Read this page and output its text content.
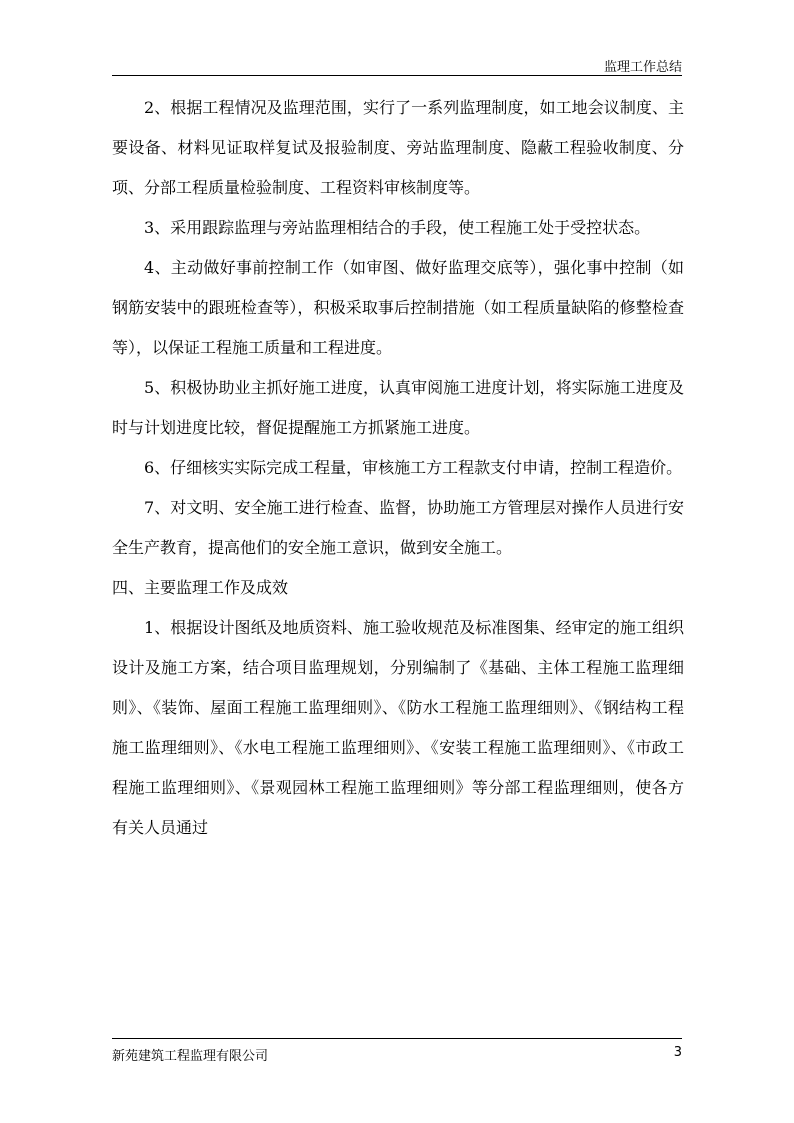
监理工作总结

2、根据工程情况及监理范围，实行了一系列监理制度，如工地会议制度、主要设备、材料见证取样复试及报验制度、旁站监理制度、隐蔽工程验收制度、分项、分部工程质量检验制度、工程资料审核制度等。

3、采用跟踪监理与旁站监理相结合的手段，使工程施工处于受控状态。

4、主动做好事前控制工作（如审图、做好监理交底等），强化事中控制（如钢筋安装中的跟班检查等），积极采取事后控制措施（如工程质量缺陷的修整检查等），以保证工程施工质量和工程进度。

5、积极协助业主抓好施工进度，认真审阅施工进度计划，将实际施工进度及时与计划进度比较，督促提醒施工方抓紧施工进度。

6、仔细核实实际完成工程量，审核施工方工程款支付申请，控制工程造价。

7、对文明、安全施工进行检查、监督，协助施工方管理层对操作人员进行安全生产教育，提高他们的安全施工意识，做到安全施工。

四、主要监理工作及成效

1、根据设计图纸及地质资料、施工验收规范及标准图集、经审定的施工组织设计及施工方案，结合项目监理规划，分别编制了《基础、主体工程施工监理细则》、《装饰、屋面工程施工监理细则》、《防水工程施工监理细则》、《钢结构工程施工监理细则》、《水电工程施工监理细则》、《安装工程施工监理细则》、《市政工程施工监理细则》、《景观园林工程施工监理细则》等分部工程监理细则，使各方有关人员通过

新苑建筑工程监理有限公司	3
